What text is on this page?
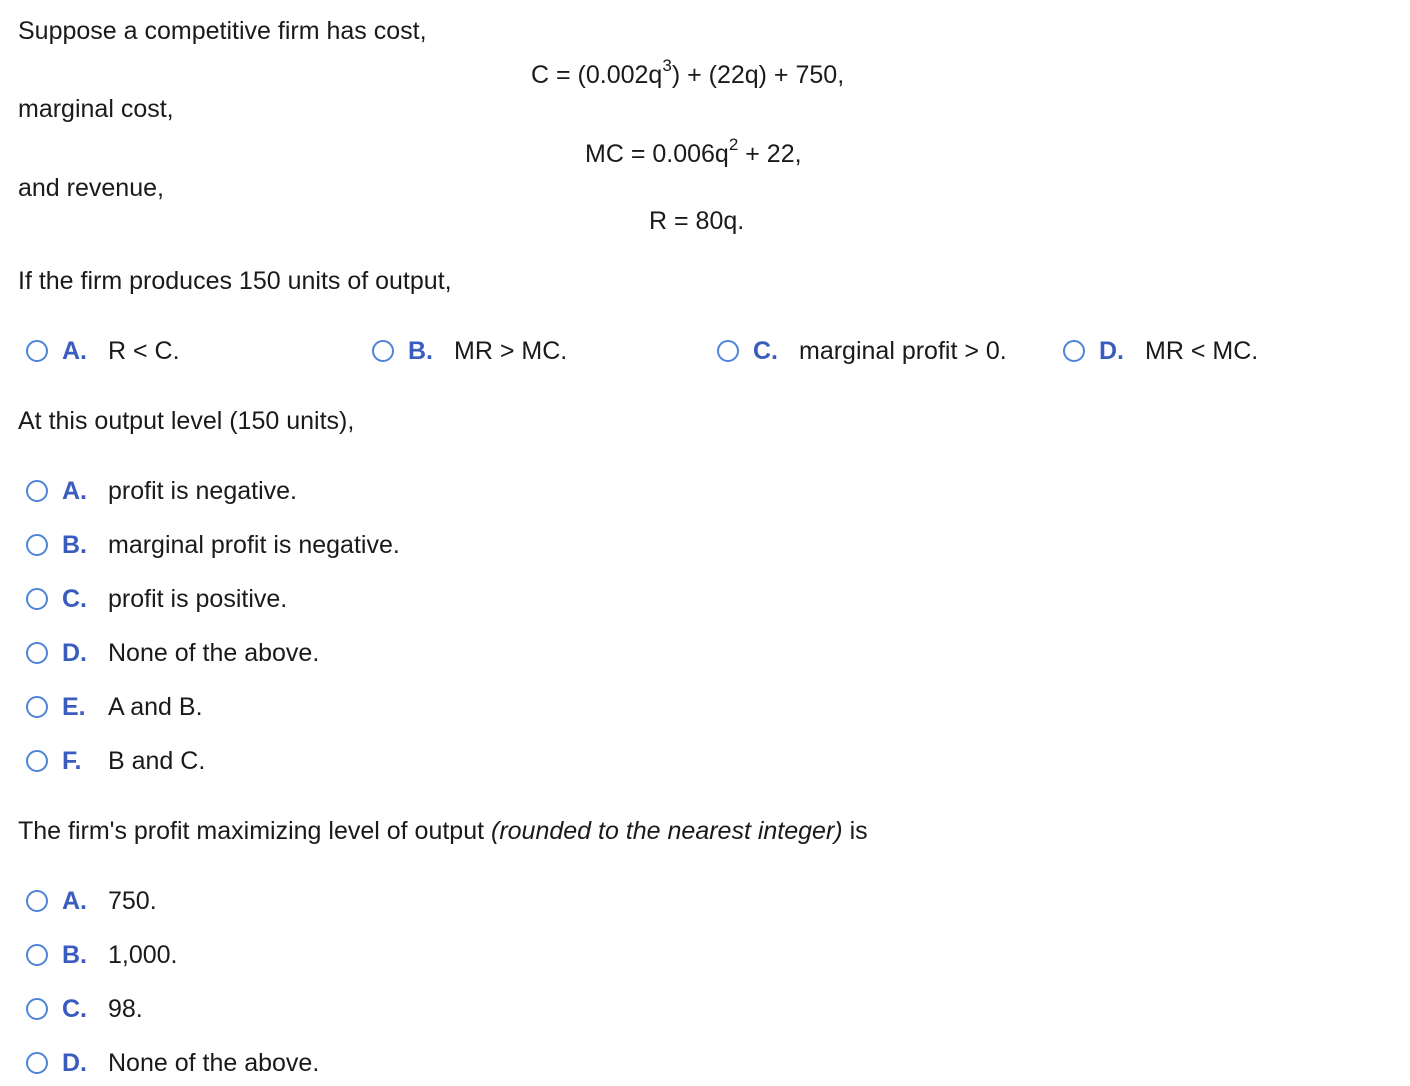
Suppose a competitive firm has cost,
$C = (0.002q^3) + (22q) + 750$,
marginal cost,
MC = $0.006q^2 + 22$,
and revenue,
R = 80q.
If the firm produces 150 units of output,
A. R < C.	B. MR > MC.	C. marginal profit > 0.	D. MR < MC.
At this output level (150 units),
A. profit is negative.
B. marginal profit is negative.
C. profit is positive.
D. None of the above.
E. A and B.
F.	B and C.
The firm's profit maximizing level of output (rounded to the nearest integer) is
A. 750.
B. 1,000.
C. 98.
D. None of the above.
